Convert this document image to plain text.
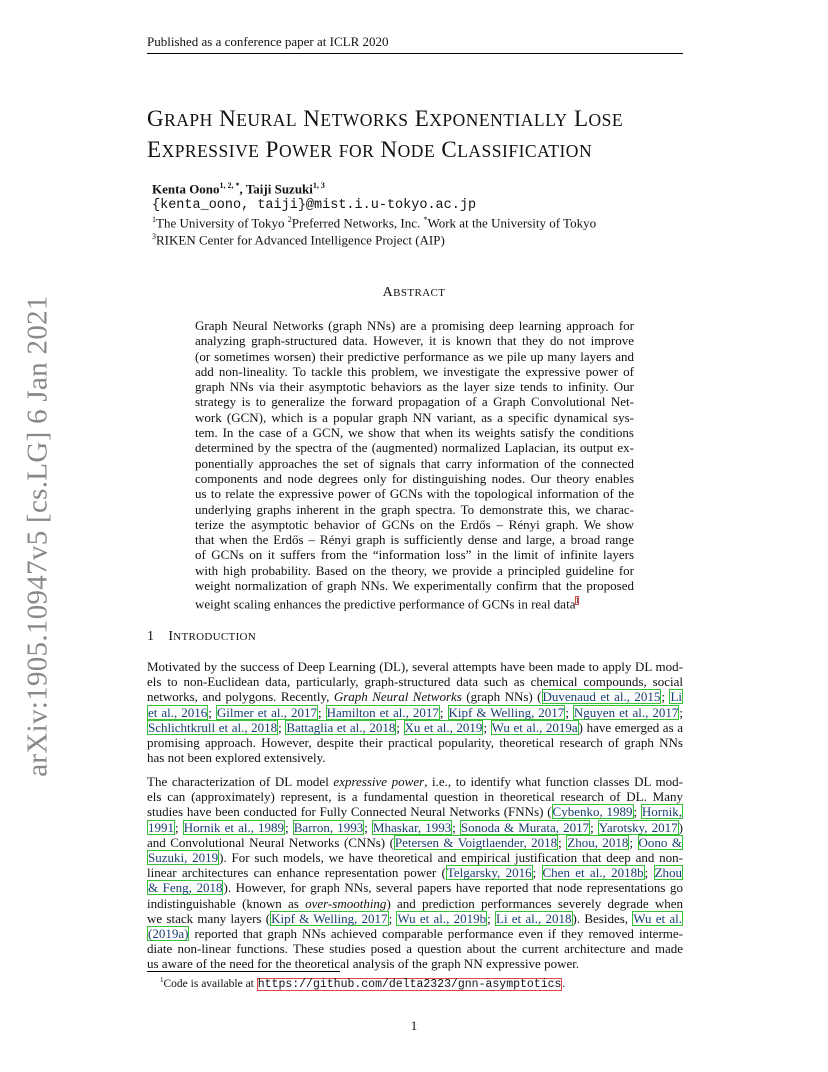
Published as a conference paper at ICLR 2020
arXiv:1905.10947v5 [cs.LG] 6 Jan 2021
GRAPH NEURAL NETWORKS EXPONENTIALLY LOSE
EXPRESSIVE POWER FOR NODE CLASSIFICATION
Kenta Oono$^{1, 2, *}$, Taiji Suzuki$^{1, 3}$
{kenta_oono, taiji}@mist.i.u-tokyo.ac.jp
$^1$The University of Tokyo $^2$Preferred Networks, Inc. *Work at the University of Tokyo
$^3$RIKEN Center for Advanced Intelligence Project (AIP)
ABSTRACT
Graph Neural Networks (graph NNs) are a promising deep learning approach for
analyzing graph-structured data. However, it is known that they do not improve
(or sometimes worsen) their predictive performance as we pile up many layers and
add non-lineality. To tackle this problem, we investigate the expressive power of
graph NNs via their asymptotic behaviors as the layer size tends to infinity. Our
strategy is to generalize the forward propagation of a Graph Convolutional Net-
work (GCN), which is a popular graph NN variant, as a specific dynamical sys-
tem. In the case of a GCN, we show that when its weights satisfy the conditions
determined by the spectra of the (augmented) normalized Laplacian, its output ex-
ponentially approaches the set of signals that carry information of the connected
components and node degrees only for distinguishing nodes. Our theory enables
us to relate the expressive power of GCNs with the topological information of the
underlying graphs inherent in the graph spectra. To demonstrate this, we charac-
terize the asymptotic behavior of GCNs on the Erdős – Rényi graph. We show
that when the Erdős – Rényi graph is sufficiently dense and large, a broad range
of GCNs on it suffers from the “information loss” in the limit of infinite layers
with high probability. Based on the theory, we provide a principled guideline for
weight normalization of graph NNs. We experimentally confirm that the proposed
weight scaling enhances the predictive performance of GCNs in real data$^1$
1 INTRODUCTION
Motivated by the success of Deep Learning (DL), several attempts have been made to apply DL mod-
els to non-Euclidean data, particularly, graph-structured data such as chemical compounds, social
networks, and polygons. Recently, Graph Neural Networks (graph NNs) (Duvenaud et al., 2015; Li
et al., 2016; Gilmer et al., 2017; Hamilton et al., 2017; Kipf & Welling, 2017; Nguyen et al., 2017;
Schlichtkrull et al., 2018; Battaglia et al., 2018; Xu et al., 2019; Wu et al., 2019a) have emerged as a
promising approach. However, despite their practical popularity, theoretical research of graph NNs
has not been explored extensively.
The characterization of DL model expressive power, i.e., to identify what function classes DL mod-
els can (approximately) represent, is a fundamental question in theoretical research of DL. Many
studies have been conducted for Fully Connected Neural Networks (FNNs) (Cybenko, 1989; Hornik,
1991; Hornik et al., 1989; Barron, 1993; Mhaskar, 1993; Sonoda & Murata, 2017; Yarotsky, 2017)
and Convolutional Neural Networks (CNNs) (Petersen & Voigtlaender, 2018; Zhou, 2018; Oono &
Suzuki, 2019). For such models, we have theoretical and empirical justification that deep and non-
linear architectures can enhance representation power (Telgarsky, 2016; Chen et al., 2018b; Zhou
& Feng, 2018). However, for graph NNs, several papers have reported that node representations go
indistinguishable (known as over-smoothing) and prediction performances severely degrade when
we stack many layers (Kipf & Welling, 2017; Wu et al., 2019b; Li et al., 2018). Besides, Wu et al.
(2019a) reported that graph NNs achieved comparable performance even if they removed interme-
diate non-linear functions. These studies posed a question about the current architecture and made
us aware of the need for the theoretical analysis of the graph NN expressive power.
$^1$Code is available at https://github.com/delta2323/gnn-asymptotics.
1
